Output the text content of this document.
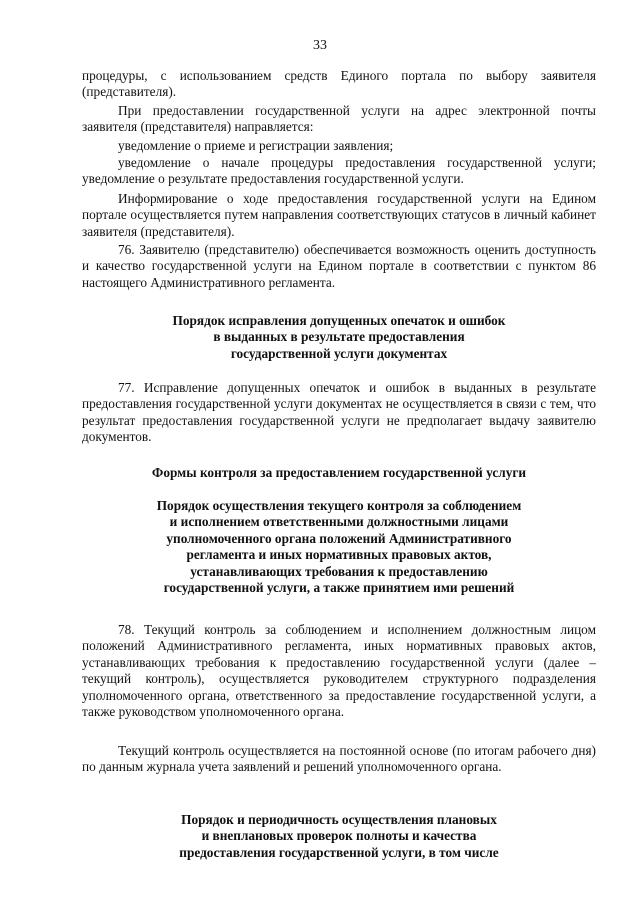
33

процедуры, с использованием средств Единого портала по выбору заявителя (представителя).

При предоставлении государственной услуги на адрес электронной почты заявителя (представителя) направляется:

уведомление о приеме и регистрации заявления;

уведомление о начале процедуры предоставления государственной услуги; уведомление о результате предоставления государственной услуги.

Информирование о ходе предоставления государственной услуги на Едином портале осуществляется путем направления соответствующих статусов в личный кабинет заявителя (представителя).

76. Заявителю (представителю) обеспечивается возможность оценить доступность и качество государственной услуги на Едином портале в соответствии с пунктом 86 настоящего Административного регламента.

Порядок исправления допущенных опечаток и ошибок

в выданных в результате предоставления

государственной услуги документах

77. Исправление допущенных опечаток и ошибок в выданных в результате предоставления государственной услуги документах не осуществляется в связи с тем, что результат предоставления государственной услуги не предполагает выдачу заявителю документов.

Формы контроля за предоставлением государственной услуги

Порядок осуществления текущего контроля за соблюдением

и исполнением ответственными должностными лицами

уполномоченного органа положений Административного

регламента и иных нормативных правовых актов,

устанавливающих требования к предоставлению

государственной услуги, а также принятием ими решений

78. Текущий контроль за соблюдением и исполнением должностным лицом положений Административного регламента, иных нормативных правовых актов, устанавливающих требования к предоставлению государственной услуги (далее – текущий контроль), осуществляется руководителем структурного подразделения уполномоченного органа, ответственного за предоставление государственной услуги, а также руководством уполномоченного органа.

Текущий контроль осуществляется на постоянной основе (по итогам рабочего дня) по данным журнала учета заявлений и решений уполномоченного органа.

Порядок и периодичность осуществления плановых

и внеплановых проверок полноты и качества

предоставления государственной услуги, в том числе
